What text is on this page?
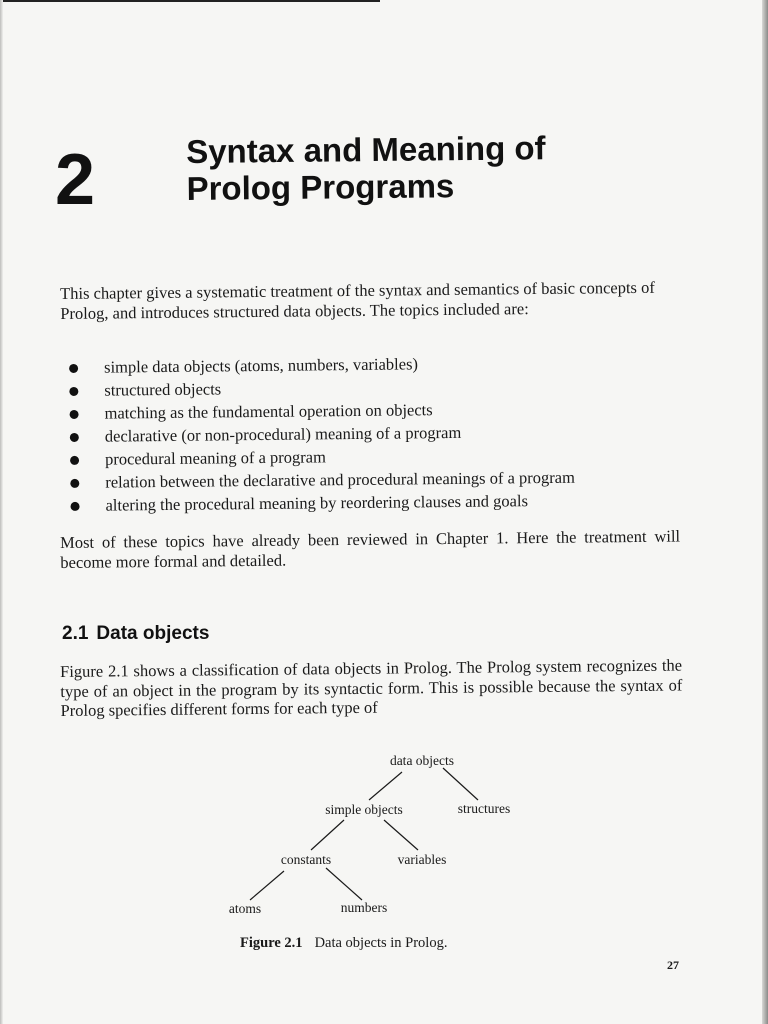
2	Syntax and Meaning of
Prolog Programs

This chapter gives a systematic treatment of the syntax and semantics of basic concepts of Prolog, and introduces structured data objects. The topics included are:

simple data objects (atoms, numbers, variables)
structured objects
matching as the fundamental operation on objects
declarative (or non-procedural) meaning of a program
procedural meaning of a program
relation between the declarative and procedural meanings of a program
altering the procedural meaning by reordering clauses and goals

Most of these topics have already been reviewed in Chapter 1. Here the treatment will become more formal and detailed.

2.1 Data objects

Figure 2.1 shows a classification of data objects in Prolog. The Prolog system recognizes the type of an object in the program by its syntactic form. This is possible because the syntax of Prolog specifies different forms for each type of

data objects
simple objects	structures
constants	variables
atoms	numbers
Figure 2.1 Data objects in Prolog.
27
